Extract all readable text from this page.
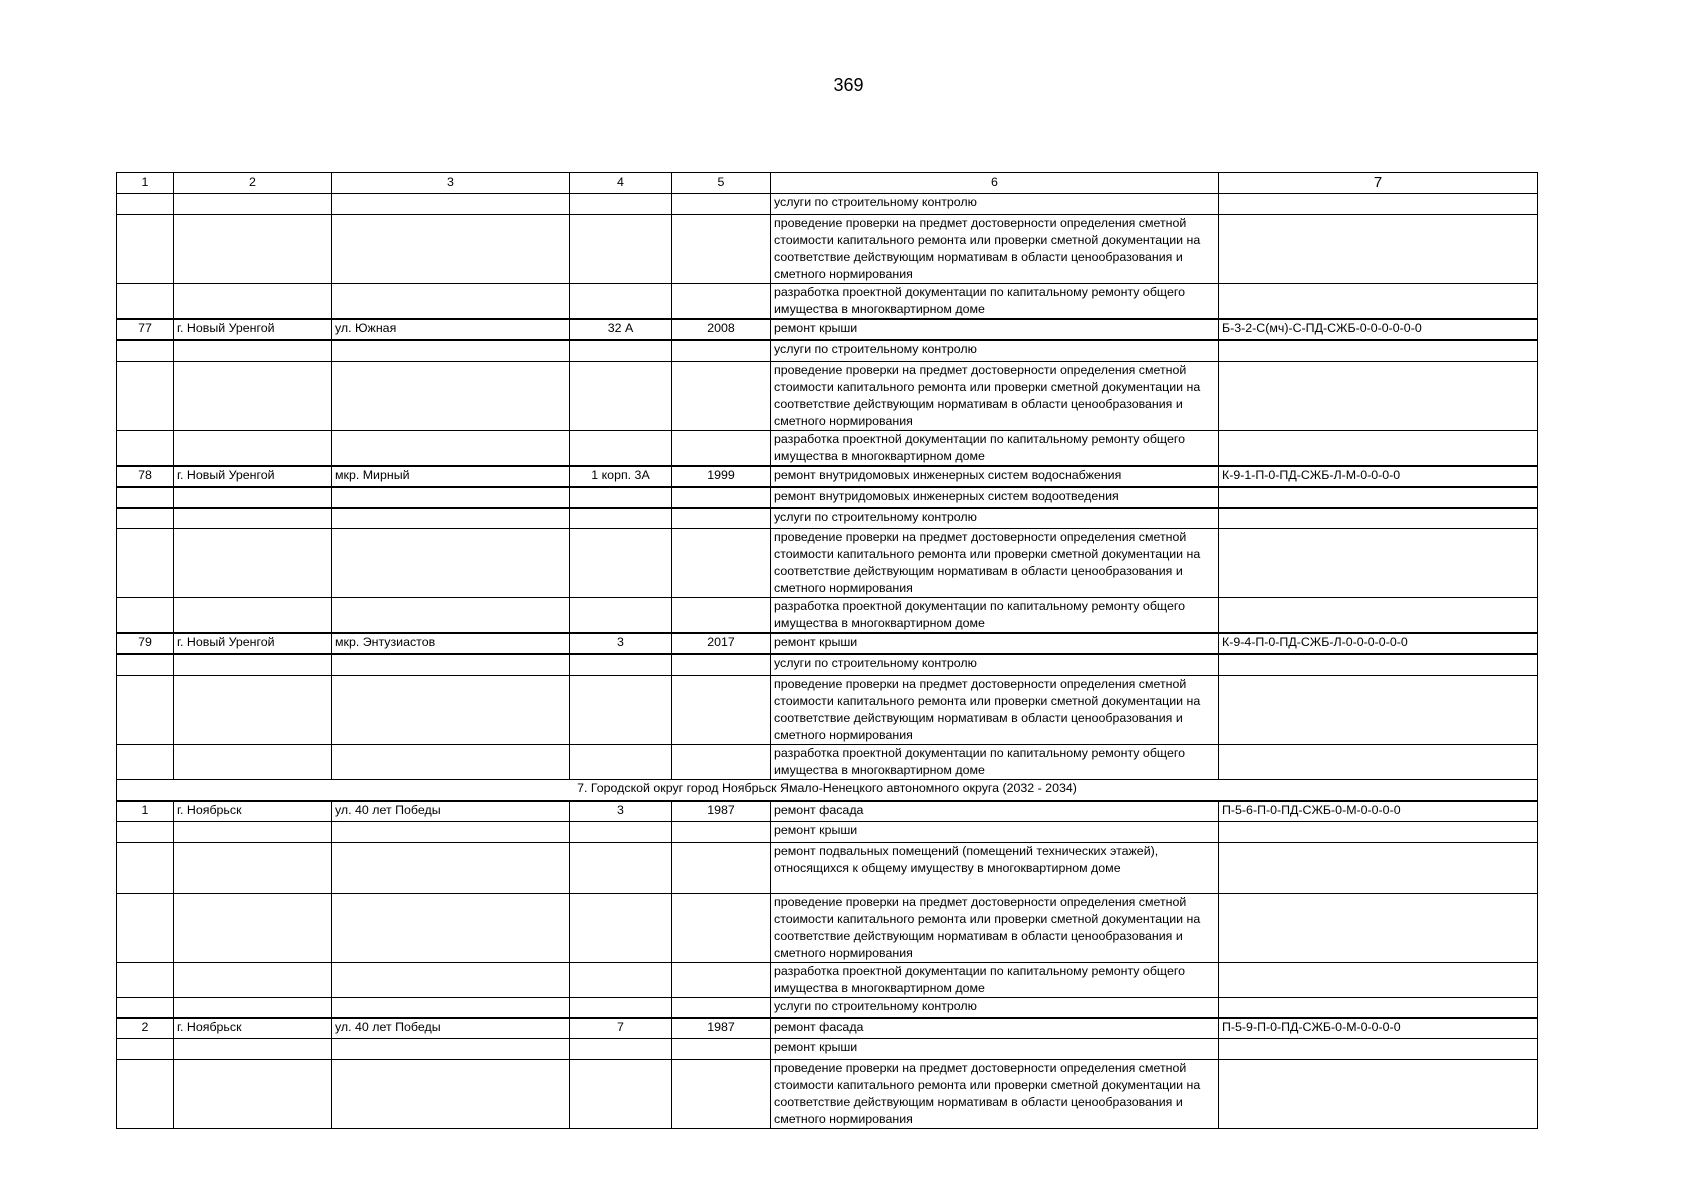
369
1	2	3	4	5	6	7
					услуги по строительному контролю	
					проведение проверки на предмет достоверности определения сметной стоимости капитального ремонта или проверки сметной документации на соответствие действующим нормативам в области ценообразования и сметного нормирования	
					разработка проектной документации по капитальному ремонту общего имущества в многоквартирном доме	
77	г. Новый Уренгой	ул. Южная	32 А	2008	ремонт крыши	Б-3-2-С(мч)-С-ПД-СЖБ-0-0-0-0-0-0
					услуги по строительному контролю	
					проведение проверки на предмет достоверности определения сметной стоимости капитального ремонта или проверки сметной документации на соответствие действующим нормативам в области ценообразования и сметного нормирования	
					разработка проектной документации по капитальному ремонту общего имущества в многоквартирном доме	
78	г. Новый Уренгой	мкр. Мирный	1 корп. 3А	1999	ремонт внутридомовых инженерных систем водоснабжения	К-9-1-П-0-ПД-СЖБ-Л-М-0-0-0-0
					ремонт внутридомовых инженерных систем водоотведения	
					услуги по строительному контролю	
					проведение проверки на предмет достоверности определения сметной стоимости капитального ремонта или проверки сметной документации на соответствие действующим нормативам в области ценообразования и сметного нормирования	
					разработка проектной документации по капитальному ремонту общего имущества в многоквартирном доме	
79	г. Новый Уренгой	мкр. Энтузиастов	3	2017	ремонт крыши	К-9-4-П-0-ПД-СЖБ-Л-0-0-0-0-0-0
					услуги по строительному контролю	
					проведение проверки на предмет достоверности определения сметной стоимости капитального ремонта или проверки сметной документации на соответствие действующим нормативам в области ценообразования и сметного нормирования	
					разработка проектной документации по капитальному ремонту общего имущества в многоквартирном доме	
7. Городской округ город Ноябрьск Ямало-Ненецкого автономного округа (2032 - 2034)						
1	г. Ноябрьск	ул. 40 лет Победы	3	1987	ремонт фасада	П-5-6-П-0-ПД-СЖБ-0-М-0-0-0-0
					ремонт крыши	
					ремонт подвальных помещений (помещений технических этажей), относящихся к общему имуществу в многоквартирном доме	
					проведение проверки на предмет достоверности определения сметной стоимости капитального ремонта или проверки сметной документации на соответствие действующим нормативам в области ценообразования и сметного нормирования	
					разработка проектной документации по капитальному ремонту общего имущества в многоквартирном доме	
					услуги по строительному контролю	
2	г. Ноябрьск	ул. 40 лет Победы	7	1987	ремонт фасада	П-5-9-П-0-ПД-СЖБ-0-М-0-0-0-0
					ремонт крыши	
					проведение проверки на предмет достоверности определения сметной стоимости капитального ремонта или проверки сметной документации на соответствие действующим нормативам в области ценообразования и сметного нормирования	
